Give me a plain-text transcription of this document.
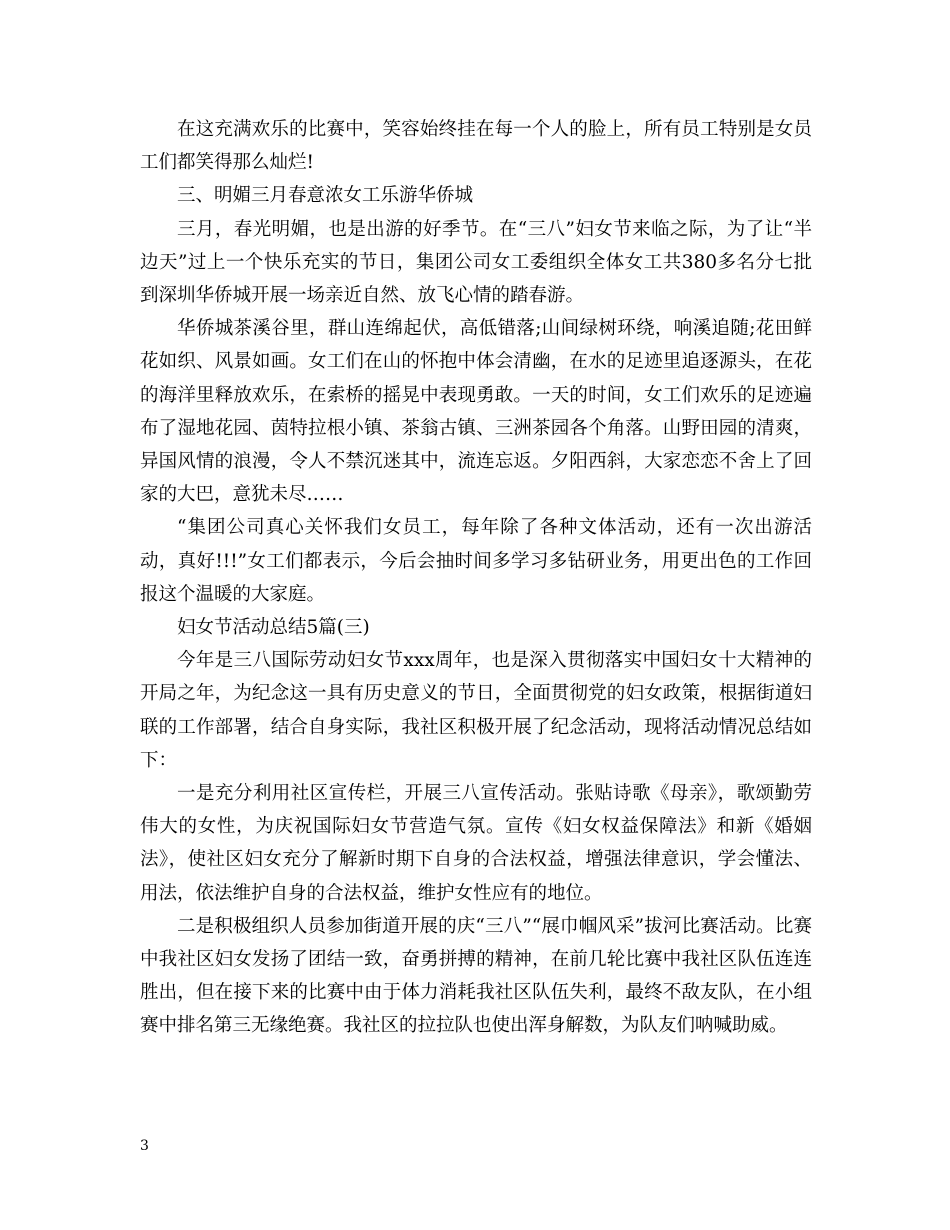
在这充满欢乐的比赛中，笑容始终挂在每一个人的脸上，所有员工特别是女员工们都笑得那么灿烂!

三、明媚三月春意浓女工乐游华侨城

三月，春光明媚，也是出游的好季节。在“三八”妇女节来临之际，为了让“半边天”过上一个快乐充实的节日，集团公司女工委组织全体女工共380多名分七批到深圳华侨城开展一场亲近自然、放飞心情的踏春游。

华侨城茶溪谷里，群山连绵起伏，高低错落;山间绿树环绕，响溪追随;花田鲜花如织、风景如画。女工们在山的怀抱中体会清幽，在水的足迹里追逐源头，在花的海洋里释放欢乐，在索桥的摇晃中表现勇敢。一天的时间，女工们欢乐的足迹遍布了湿地花园、茵特拉根小镇、茶翁古镇、三洲茶园各个角落。山野田园的清爽，异国风情的浪漫，令人不禁沉迷其中，流连忘返。夕阳西斜，大家恋恋不舍上了回家的大巴，意犹未尽……

“集团公司真心关怀我们女员工，每年除了各种文体活动，还有一次出游活动，真好!!!”女工们都表示，今后会抽时间多学习多钻研业务，用更出色的工作回报这个温暖的大家庭。

妇女节活动总结5篇(三)

今年是三八国际劳动妇女节xxx周年，也是深入贯彻落实中国妇女十大精神的开局之年，为纪念这一具有历史意义的节日，全面贯彻党的妇女政策，根据街道妇联的工作部署，结合自身实际，我社区积极开展了纪念活动，现将活动情况总结如下：

一是充分利用社区宣传栏，开展三八宣传活动。张贴诗歌《母亲》，歌颂勤劳伟大的女性，为庆祝国际妇女节营造气氛。宣传《妇女权益保障法》和新《婚姻法》，使社区妇女充分了解新时期下自身的合法权益，增强法律意识，学会懂法、用法，依法维护自身的合法权益，维护女性应有的地位。

二是积极组织人员参加街道开展的庆“三八”“展巾帼风采”拔河比赛活动。比赛中我社区妇女发扬了团结一致，奋勇拼搏的精神，在前几轮比赛中我社区队伍连连胜出，但在接下来的比赛中由于体力消耗我社区队伍失利，最终不敌友队，在小组赛中排名第三无缘绝赛。我社区的拉拉队也使出浑身解数，为队友们呐喊助威。

3
